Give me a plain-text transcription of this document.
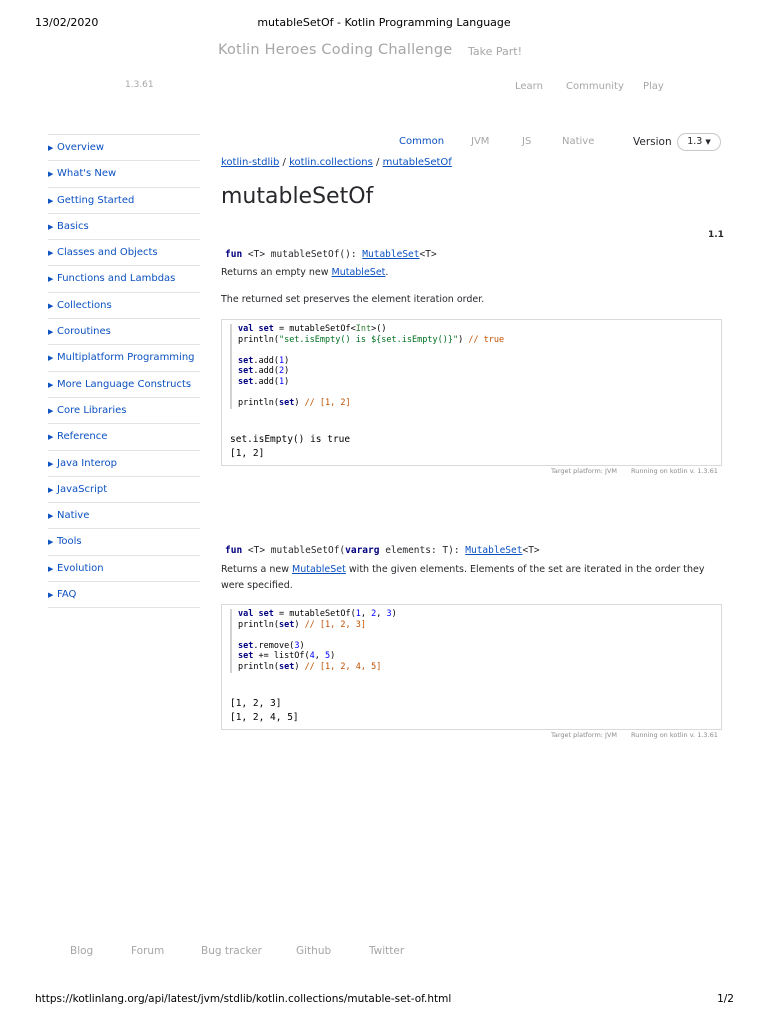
13/02/2020	mutableSetOf - Kotlin Programming Language
https://kotlinlang.org/api/latest/jvm/stdlib/kotlin.collections/mutable-set-of.html	1/2
Kotlin Heroes Coding Challenge Take Part!
1.3.61	Learn Community Play
▶ Overview
▶ What's New
▶ Getting Started
▶ Basics
▶ Classes and Objects
▶ Functions and Lambdas
▶ Collections
▶ Coroutines
▶ Multiplatform Programming
▶ More Language Constructs
▶ Core Libraries
▶ Reference
▶ Java Interop
▶ JavaScript
▶ Native
▶ Tools
▶ Evolution
▶ FAQ
Common	JVM	JS	Native	Version	1.3 ▼
kotlin-stdlib / kotlin.collections / mutableSetOf
mutableSetOf
1.1
fun <T> mutableSetOf(): MutableSet<T>
Returns an empty new MutableSet.
The returned set preserves the element iteration order.
val set = mutableSetOf<Int>()
println("set.isEmpty() is ${set.isEmpty()}") // true

set.add(1)
set.add(2)
set.add(1)

println(set) // [1, 2]
set.isEmpty() is true
[1, 2]
Target platform: JVM Running on kotlin v. 1.3.61
fun <T> mutableSetOf(vararg elements: T): MutableSet<T>
Returns a new MutableSet with the given elements. Elements of the set are iterated in the order they were specified.
val set = mutableSetOf(1, 2, 3)
println(set) // [1, 2, 3]

set.remove(3)
set += listOf(4, 5)
println(set) // [1, 2, 4, 5]
[1, 2, 3]
[1, 2, 4, 5]
Target platform: JVM Running on kotlin v. 1.3.61
Blog	Forum	Bug tracker	Github	Twitter
